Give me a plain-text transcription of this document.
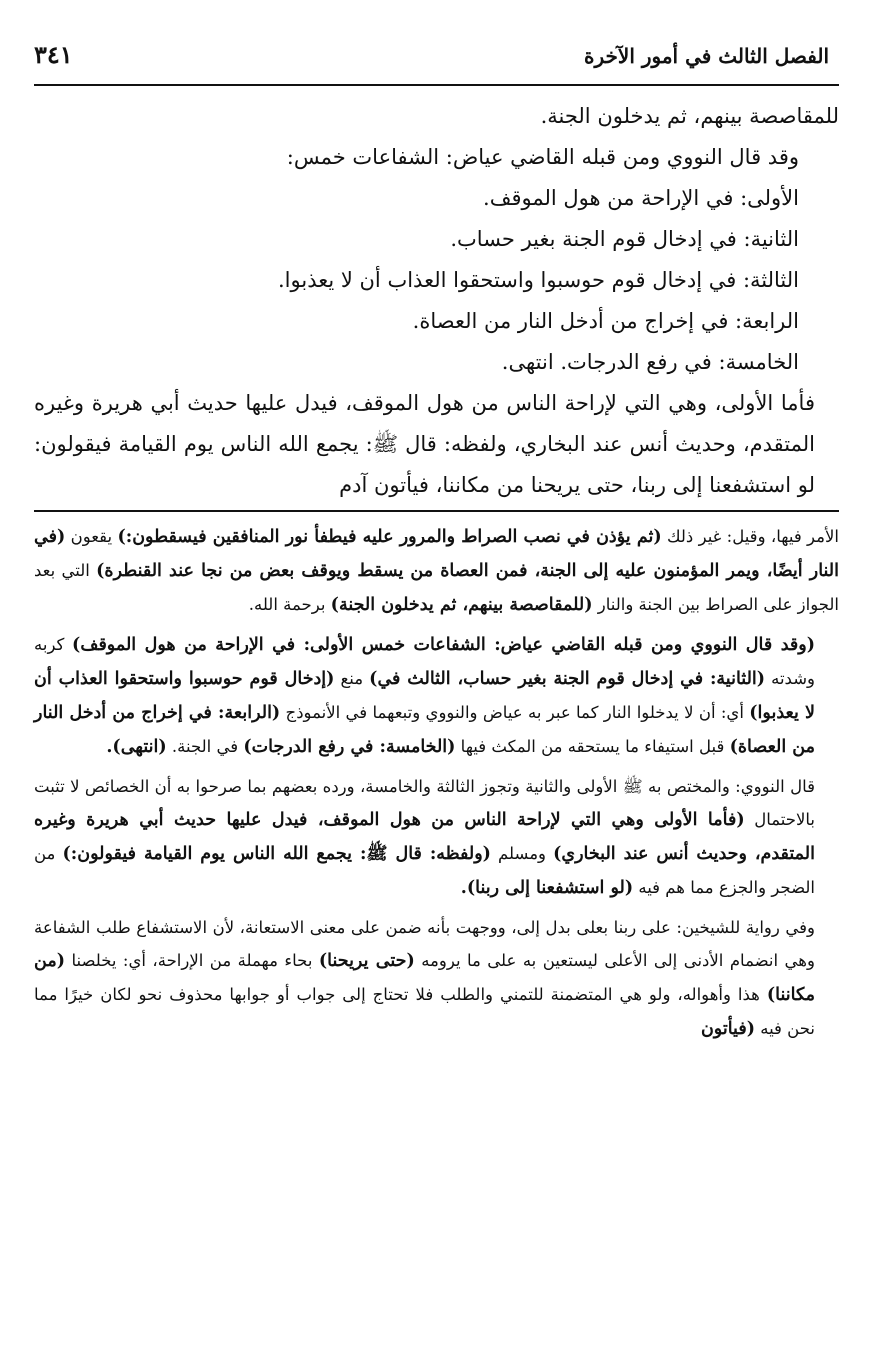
الفصل الثالث في أمور الآخرة
٣٤١

للمقاصصة بينهم، ثم يدخلون الجنة.

وقد قال النووي ومن قبله القاضي عياض: الشفاعات خمس:

الأولى: في الإراحة من هول الموقف.

الثانية: في إدخال قوم الجنة بغير حساب.

الثالثة: في إدخال قوم حوسبوا واستحقوا العذاب أن لا يعذبوا.

الرابعة: في إخراج من أدخل النار من العصاة.

الخامسة: في رفع الدرجات. انتهى.

فأما الأولى، وهي التي لإراحة الناس من هول الموقف، فيدل عليها حديث أبي هريرة وغيره المتقدم، وحديث أنس عند البخاري، ولفظه: قال ﷺ: يجمع الله الناس يوم القيامة فيقولون: لو استشفعنا إلى ربنا، حتى يريحنا من مكاننا، فيأتون آدم

الأمر فيها، وقيل: غير ذلك (ثم يؤذن في نصب الصراط والمرور عليه فيطفأ نور المنافقين فيسقطون:) يقعون (في النار أيضًا، ويمر المؤمنون عليه إلى الجنة، فمن العصاة من يسقط ويوقف بعض من نجا عند القنطرة) التي بعد الجواز على الصراط بين الجنة والنار (للمقاصصة بينهم، ثم يدخلون الجنة) برحمة الله.

(وقد قال النووي ومن قبله القاضي عياض: الشفاعات خمس الأولى: في الإراحة من هول الموقف) كربه وشدته (الثانية: في إدخال قوم الجنة بغير حساب، الثالث في) منع (إدخال قوم حوسبوا واستحقوا العذاب أن لا يعذبوا) أي: أن لا يدخلوا النار كما عبر به عياض والنووي وتبعهما في الأنموذج (الرابعة: في إخراج من أدخل النار من العصاة) قبل استيفاء ما يستحقه من المكث فيها (الخامسة: في رفع الدرجات) في الجنة. (انتهى).

قال النووي: والمختص به ﷺ الأولى والثانية وتجوز الثالثة والخامسة، ورده بعضهم بما صرحوا به أن الخصائص لا تثبت بالاحتمال (فأما الأولى وهي التي لإراحة الناس من هول الموقف، فيدل عليها حديث أبي هريرة وغيره المتقدم، وحديث أنس عند البخاري) ومسلم (ولفظه: قال ﷺ: يجمع الله الناس يوم القيامة فيقولون:) من الضجر والجزع مما هم فيه (لو استشفعنا إلى ربنا).

وفي رواية للشيخين: على ربنا بعلى بدل إلى، ووجهت بأنه ضمن على معنى الاستعانة، لأن الاستشفاع طلب الشفاعة وهي انضمام الأدنى إلى الأعلى ليستعين به على ما يرومه (حتى يريحنا) بحاء مهملة من الإراحة، أي: يخلصنا (من مكاننا) هذا وأهواله، ولو هي المتضمنة للتمني والطلب فلا تحتاج إلى جواب أو جوابها محذوف نحو لكان خيرًا مما نحن فيه (فيأتون
